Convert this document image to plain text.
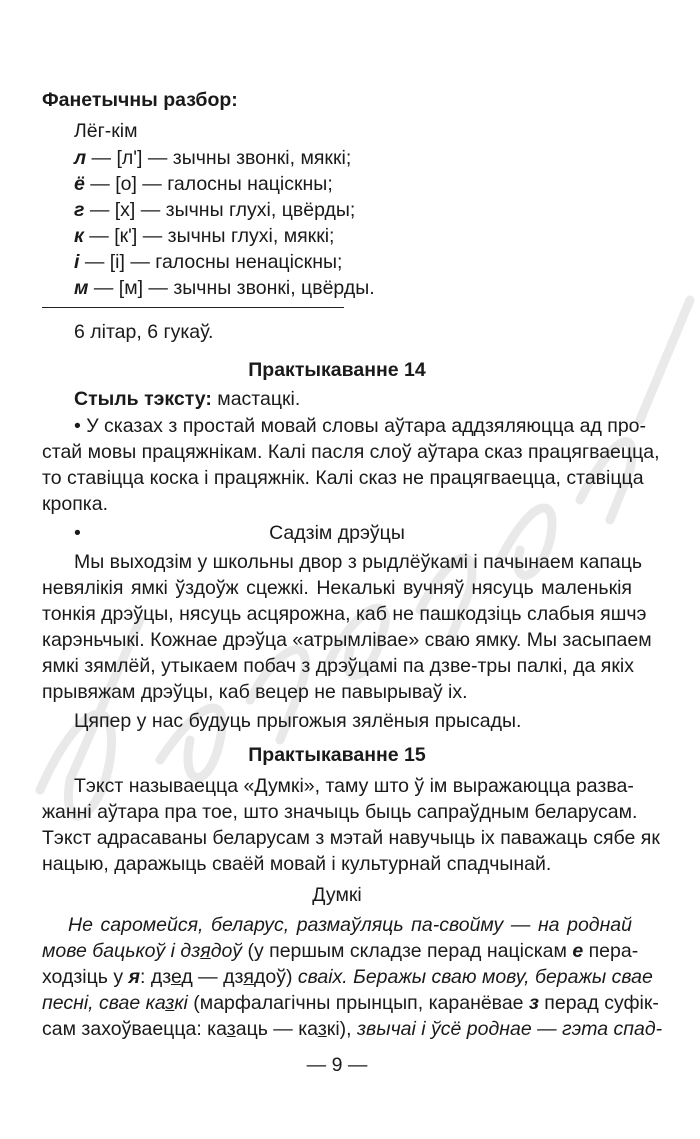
Фанетычны разбор:
Лёг-кім
л — [л'] — зычны звонкі, мяккі;
ё — [о] — галосны націскны;
г — [х] — зычны глухі, цвёрды;
к — [к'] — зычны глухі, мяккі;
і — [і] — галосны ненаціскны;
м — [м] — зычны звонкі, цвёрды.
6 літар, 6 гукаў.
Практыкаванне 14
Стыль тэксту: мастацкі.
• У сказах з простай мовай словы аўтара аддзяляюцца ад про-
стай мовы працяжнікам. Калі пасля слоў аўтара сказ працягваецца,
то ставіцца коска і працяжнік. Калі сказ не працягваецца, ставіцца
кропка.
•	Садзім дрэўцы
Мы выходзім у школьны двор з рыдлёўкамі і пачынаем капаць
невялікія ямкі ўздоўж сцежкі. Некалькі вучняў нясуць маленькія
тонкія дрэўцы, нясуць асцярожна, каб не пашкодзіць слабыя яшчэ
карэньчыкі. Кожнае дрэўца «атрымлівае» сваю ямку. Мы засыпаем
ямкі зямлёй, утыкаем побач з дрэўцамі па дзве-тры палкі, да якіх
прывяжам дрэўцы, каб вецер не павырываў іх.
Цяпер у нас будуць прыгожыя зялёныя прысады.
Практыкаванне 15
Тэкст называецца «Думкі», таму што ў ім выражаюцца разва-
жанні аўтара пра тое, што значыць быць сапраўдным беларусам.
Тэкст адрасаваны беларусам з мэтай навучыць іх паважаць сябе як
нацыю, даражыць сваёй мовай і культурнай спадчынай.
Думкі
Не саромейся, беларус, размаўляць па-свойму — на роднай
мове бацькоў і дзядоў (у першым складзе перад націскам е пера-
ходзіць у я: дзед — дзядоў) сваіх. Беражы сваю мову, беражы свае
песні, свае казкі (марфалагічны прынцып, каранёвае з перад суфік-
сам захоўваецца: казаць — казкі), звычаі і ўсё роднае — гэта спад-
— 9 —
